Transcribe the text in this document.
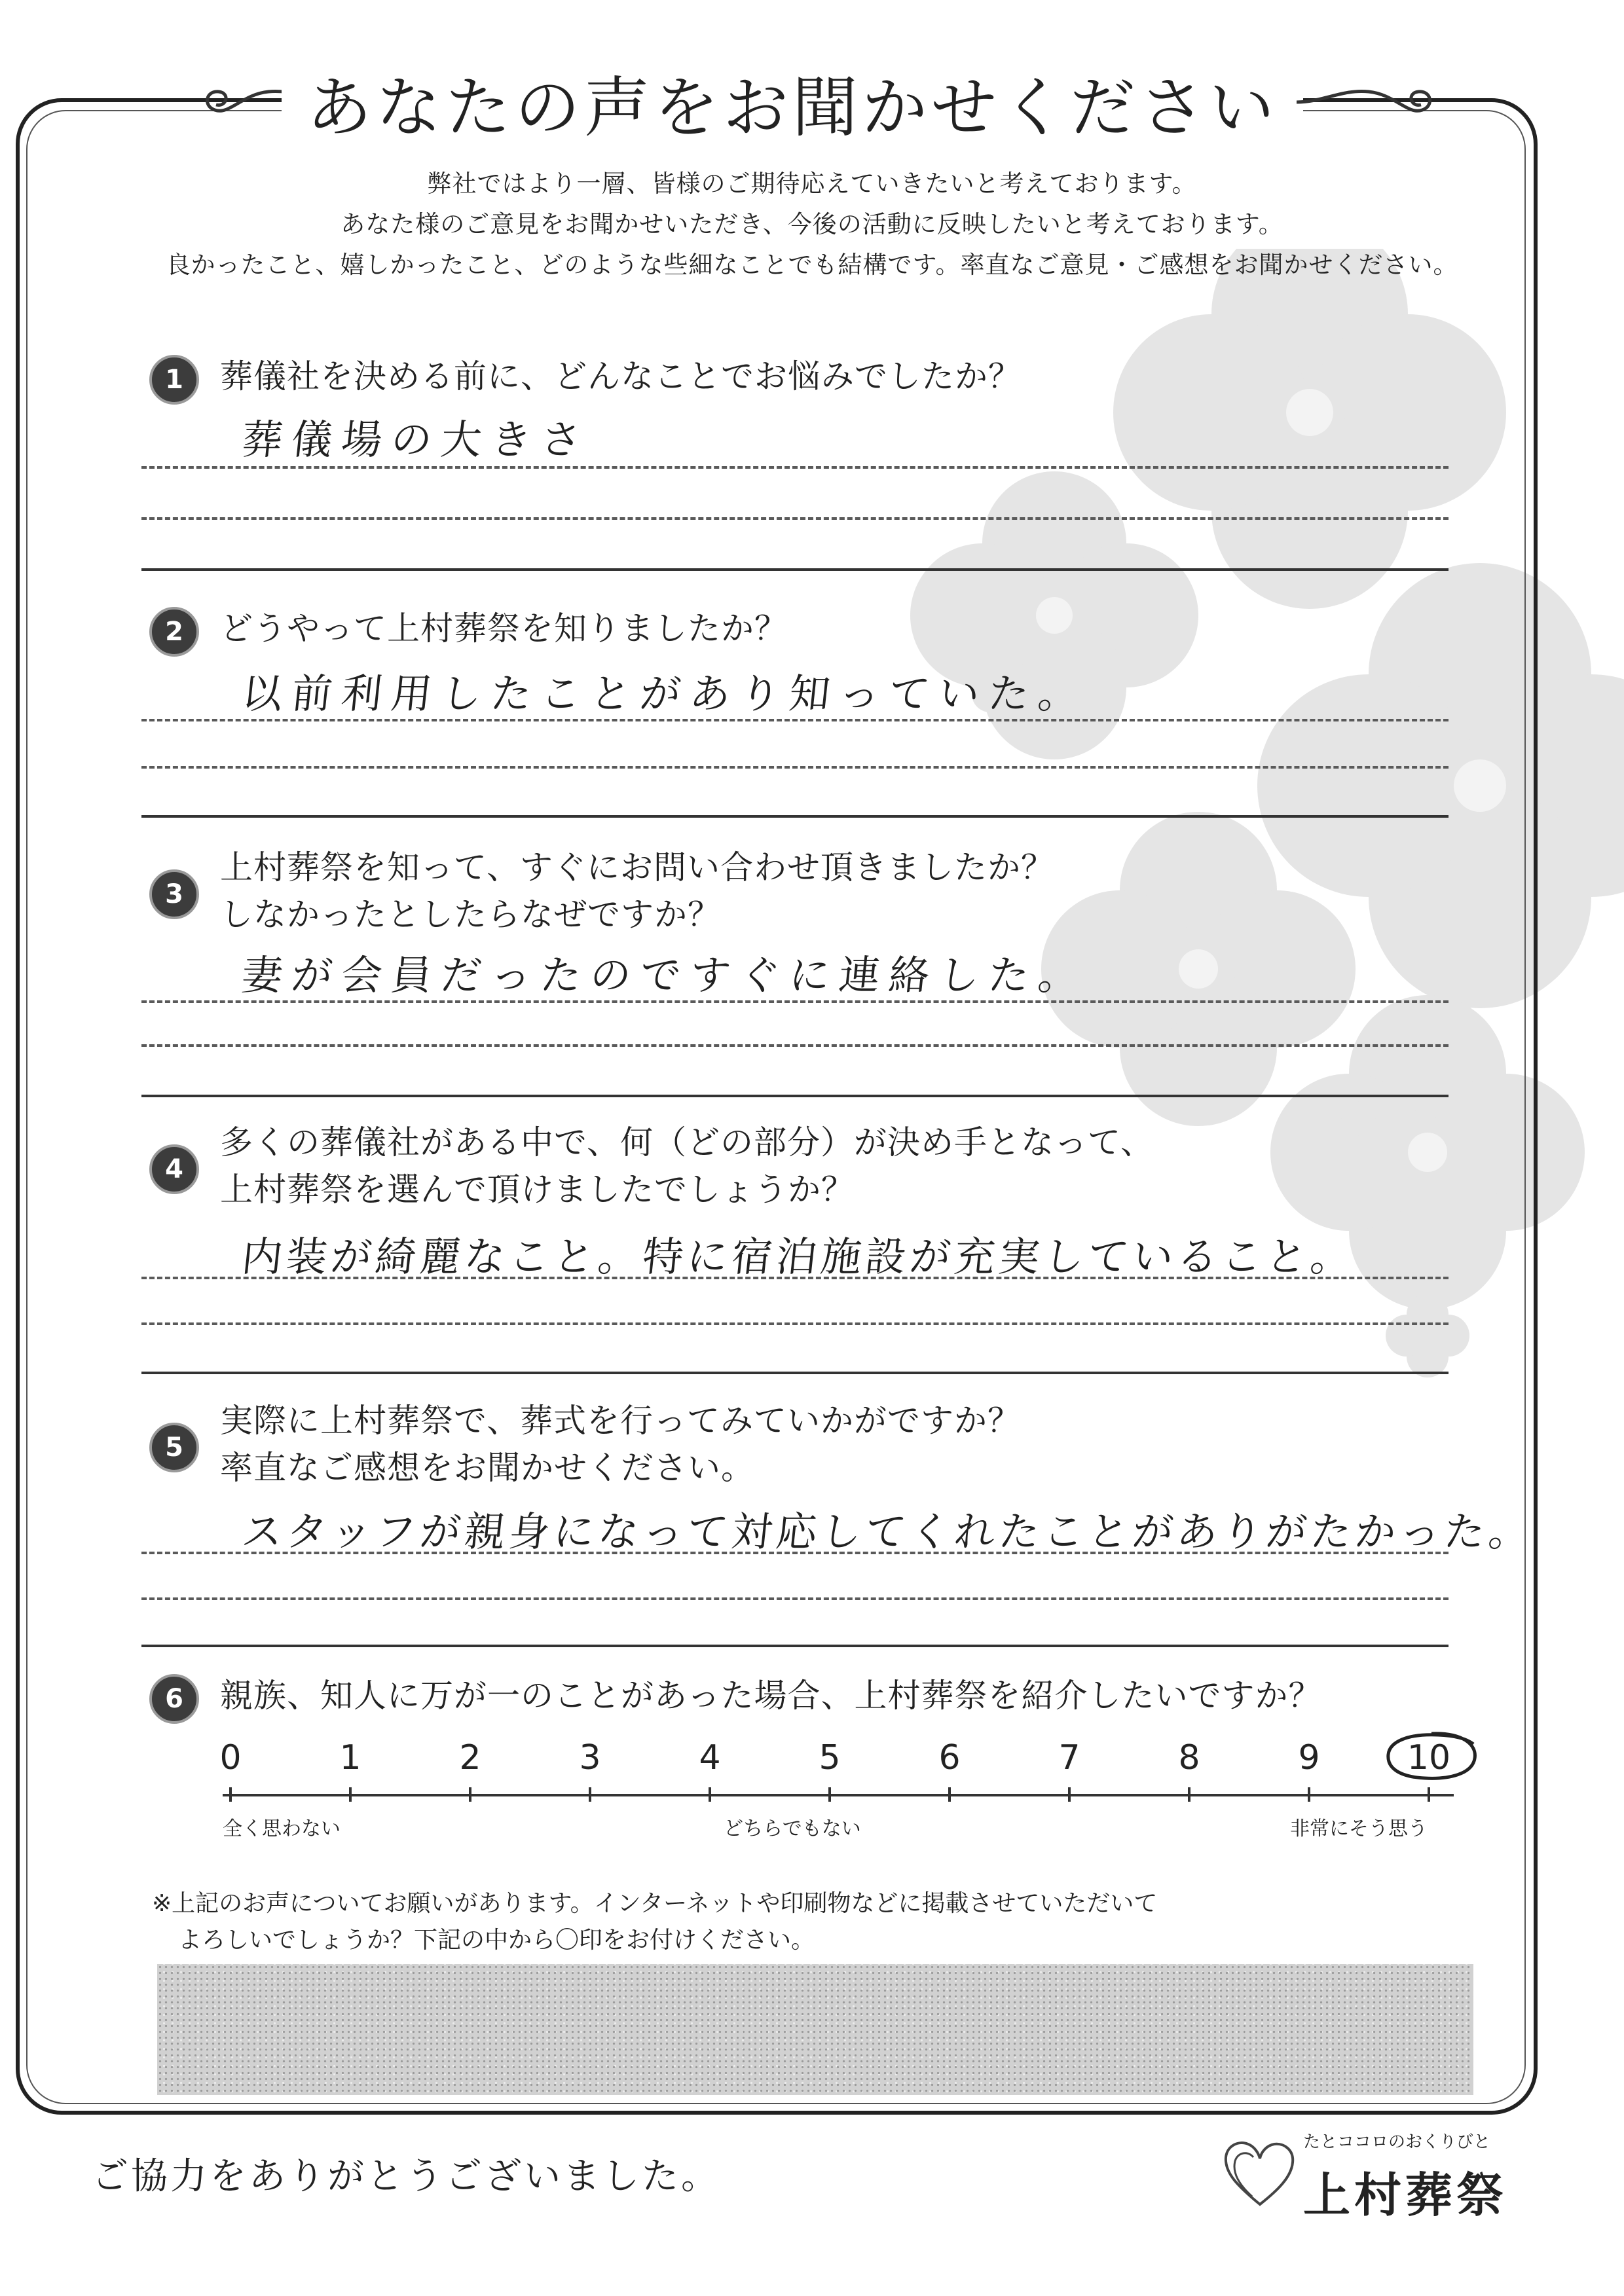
あなたの声をお聞かせください
弊社ではより一層、皆様のご期待応えていきたいと考えております。
あなた様のご意見をお聞かせいただき、今後の活動に反映したいと考えております。
良かったこと、嬉しかったこと、どのような些細なことでも結構です。率直なご意見・ご感想をお聞かせください。
1	葬儀社を決める前に、どんなことでお悩みでしたか？
葬儀場の大きさ
2	どうやって上村葬祭を知りましたか？
以前利用したことがあり知っていた。
3
上村葬祭を知って、すぐにお問い合わせ頂きましたか？
しなかったとしたらなぜですか？
妻が会員だったのですぐに連絡した。
4
多くの葬儀社がある中で、何（どの部分）が決め手となって、
上村葬祭を選んで頂けましたでしょうか？
内装が綺麗なこと。特に宿泊施設が充実していること。
5
実際に上村葬祭で、葬式を行ってみていかがですか？
率直なご感想をお聞かせください。
スタッフが親身になって対応してくれたことがありがたかった。
6	親族、知人に万が一のことがあった場合、上村葬祭を紹介したいですか？
0	1	2	3	4	5	6	7	8	9	10
全く思わない	どちらでもない	非常にそう思う
※上記のお声についてお願いがあります。インターネットや印刷物などに掲載させていただいて
よろしいでしょうか？下記の中から〇印をお付けください。
ご協力をありがとうございました。
たとココロのおくりびと
上村葬祭
